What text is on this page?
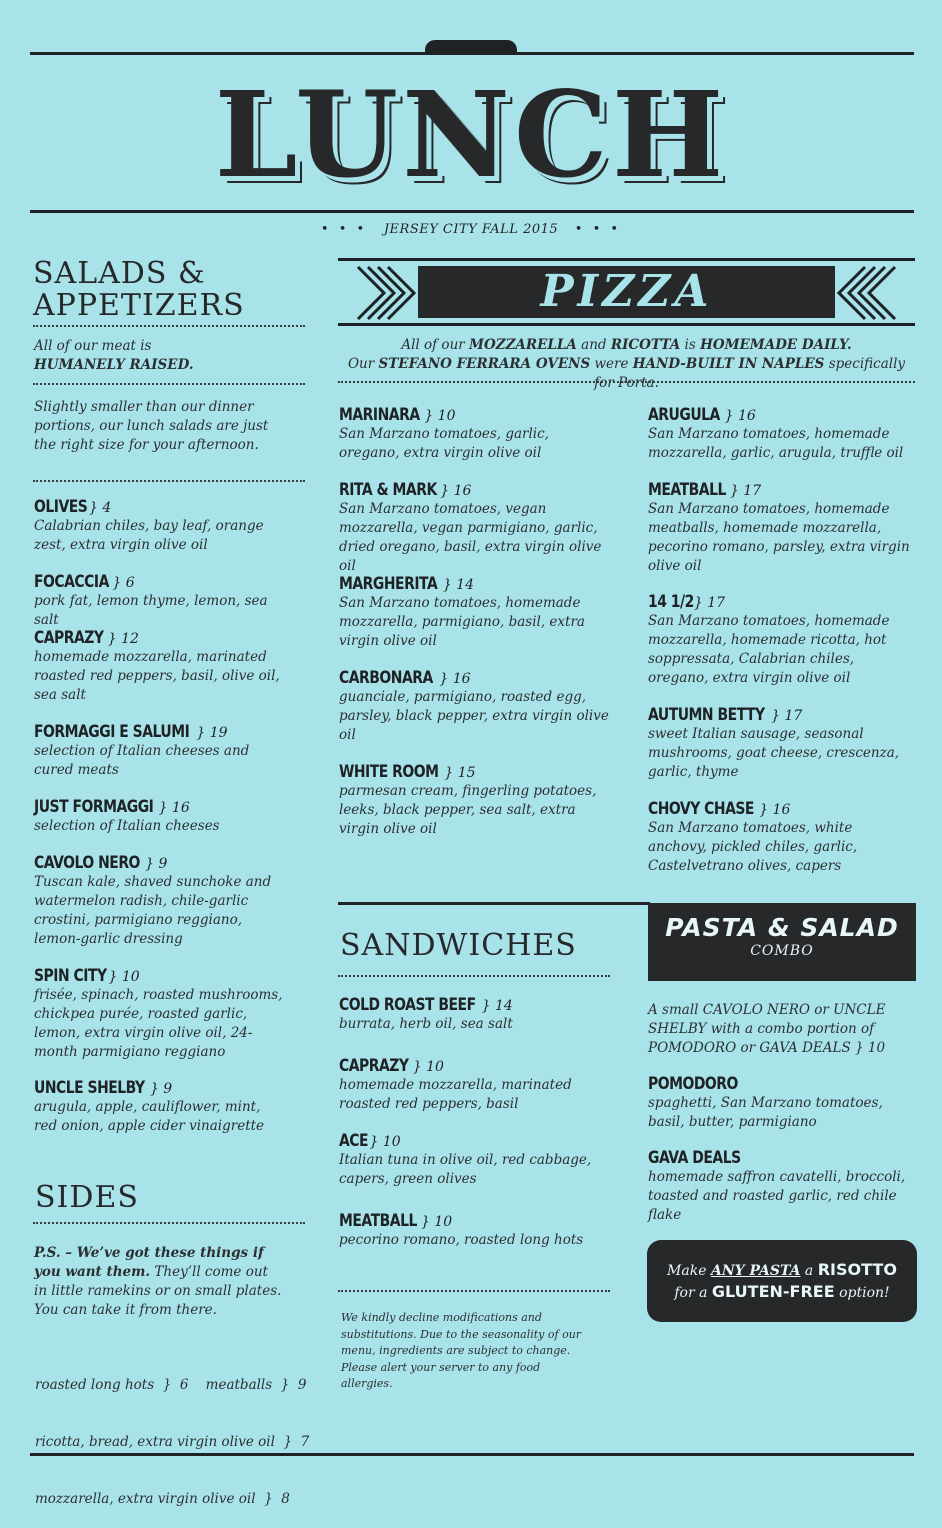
LUNCH
• • • JERSEY CITY FALL 2015 • • •
SALADS &
APPETIZERS
All of our meat is
HUMANELY RAISED.
Slightly smaller than our dinner portions, our lunch salads are just the right size for your afternoon.
OLIVES } 4
Calabrian chiles, bay leaf, orange zest, extra virgin olive oil
FOCACCIA } 6
pork fat, lemon thyme, lemon, sea salt
CAPRAZY } 12
homemade mozzarella, marinated roasted red peppers, basil, olive oil, sea salt
FORMAGGI E SALUMI } 19
selection of Italian cheeses and cured meats
JUST FORMAGGI } 16
selection of Italian cheeses
CAVOLO NERO } 9
Tuscan kale, shaved sunchoke and watermelon radish, chile-garlic crostini, parmigiano reggiano, lemon-garlic dressing
SPIN CITY } 10
frisée, spinach, roasted mushrooms, chickpea purée, roasted garlic, lemon, extra virgin olive oil, 24-month parmigiano reggiano
UNCLE SHELBY } 9
arugula, apple, cauliflower, mint, red onion, apple cider vinaigrette
SIDES
P.S. – We’ve got these things if you want them. They’ll come out in little ramekins or on small plates. You can take it from there.

roasted long hots  }  6    meatballs  }  9

ricotta, bread, extra virgin olive oil  }  7

mozzarella, extra virgin olive oil  }  8

PIZZA
All of our MOZZARELLA and RICOTTA is HOMEMADE DAILY.
Our STEFANO FERRARA OVENS were HAND-BUILT IN NAPLES specifically for Porta.
MARINARA } 10
San Marzano tomatoes, garlic, oregano, extra virgin olive oil
RITA & MARK } 16
San Marzano tomatoes, vegan mozzarella, vegan parmigiano, garlic, dried oregano, basil, extra virgin olive oil
MARGHERITA } 14
San Marzano tomatoes, homemade mozzarella, parmigiano, basil, extra virgin olive oil
CARBONARA } 16
guanciale, parmigiano, roasted egg, parsley, black pepper, extra virgin olive oil
WHITE ROOM } 15
parmesan cream, fingerling potatoes, leeks, black pepper, sea salt, extra virgin olive oil
ARUGULA } 16
San Marzano tomatoes, homemade mozzarella, garlic, arugula, truffle oil
MEATBALL } 17
San Marzano tomatoes, homemade meatballs, homemade mozzarella, pecorino romano, parsley, extra virgin olive oil
14 1/2} 17
San Marzano tomatoes, homemade mozzarella, homemade ricotta, hot soppressata, Calabrian chiles, oregano, extra virgin olive oil
AUTUMN BETTY } 17
sweet Italian sausage, seasonal mushrooms, goat cheese, crescenza, garlic, thyme
CHOVY CHASE } 16
San Marzano tomatoes, white anchovy, pickled chiles, garlic, Castelvetrano olives, capers
SANDWICHES
COLD ROAST BEEF } 14
burrata, herb oil, sea salt
CAPRAZY } 10
homemade mozzarella, marinated roasted red peppers, basil
ACE} 10
Italian tuna in olive oil, red cabbage, capers, green olives
MEATBALL } 10
pecorino romano, roasted long hots
We kindly decline modifications and substitutions. Due to the seasonality of our menu, ingredients are subject to change. Please alert your server to any food allergies.
PASTA & SALAD
COMBO
A small CAVOLO NERO or UNCLE SHELBY with a combo portion of POMODORO or GAVA DEALS } 10
POMODORO
spaghetti, San Marzano tomatoes, basil, butter, parmigiano
GAVA DEALS
homemade saffron cavatelli, broccoli, toasted and roasted garlic, red chile flake
Make ANY PASTA a RISOTTO
for a GLUTEN-FREE option!
